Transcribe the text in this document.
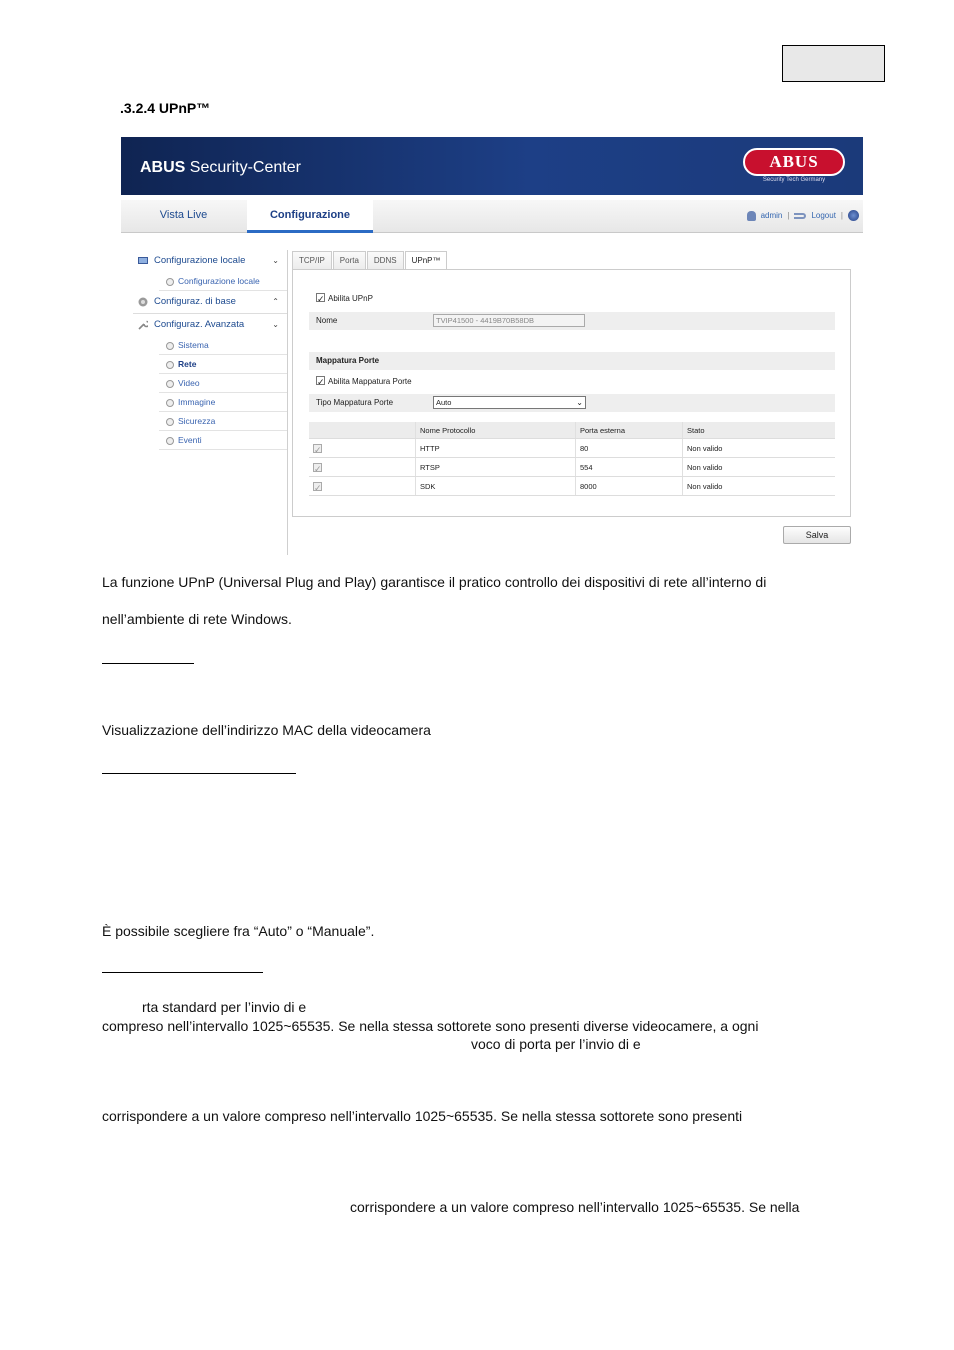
.3.2.4 UPnP™
ABUS Security-Center	ABUS
Security Tech Germany
Vista Live	Configurazione	admin |	Logout |
Configurazione locale	⌄
Configurazione locale
Configuraz. di base	⌃
Configuraz. Avanzata	⌄
Sistema
Rete
Video
Immagine
Sicurezza
Eventi
TCP/IP	Porta	DDNS	UPnP™
✓Abilita UPnP
Nome	TVIP41500 - 4419B70B58DB
Mappatura Porte
✓Abilita Mappatura Porte
Tipo Mappatura Porte	Auto	⌄
Nome Protocollo	Porta esterna	Stato
✓
HTTP	80	Non valido
✓
RTSP	554	Non valido
✓
SDK	8000	Non valido
Salva
La funzione UPnP (Universal Plug and Play) garantisce il pratico controllo dei dispositivi di rete all’interno di
nell’ambiente di rete Windows.
Visualizzazione dell’indirizzo MAC della videocamera
È possibile scegliere fra “Auto” o “Manuale”.
rta standard per l’invio di e
compreso nell’intervallo 1025~65535. Se nella stessa sottorete sono presenti diverse videocamere, a ogni
voco di porta per l’invio di e
corrispondere a un valore compreso nell’intervallo 1025~65535. Se nella stessa sottorete sono presenti
corrispondere a un valore compreso nell’intervallo 1025~65535. Se nella
